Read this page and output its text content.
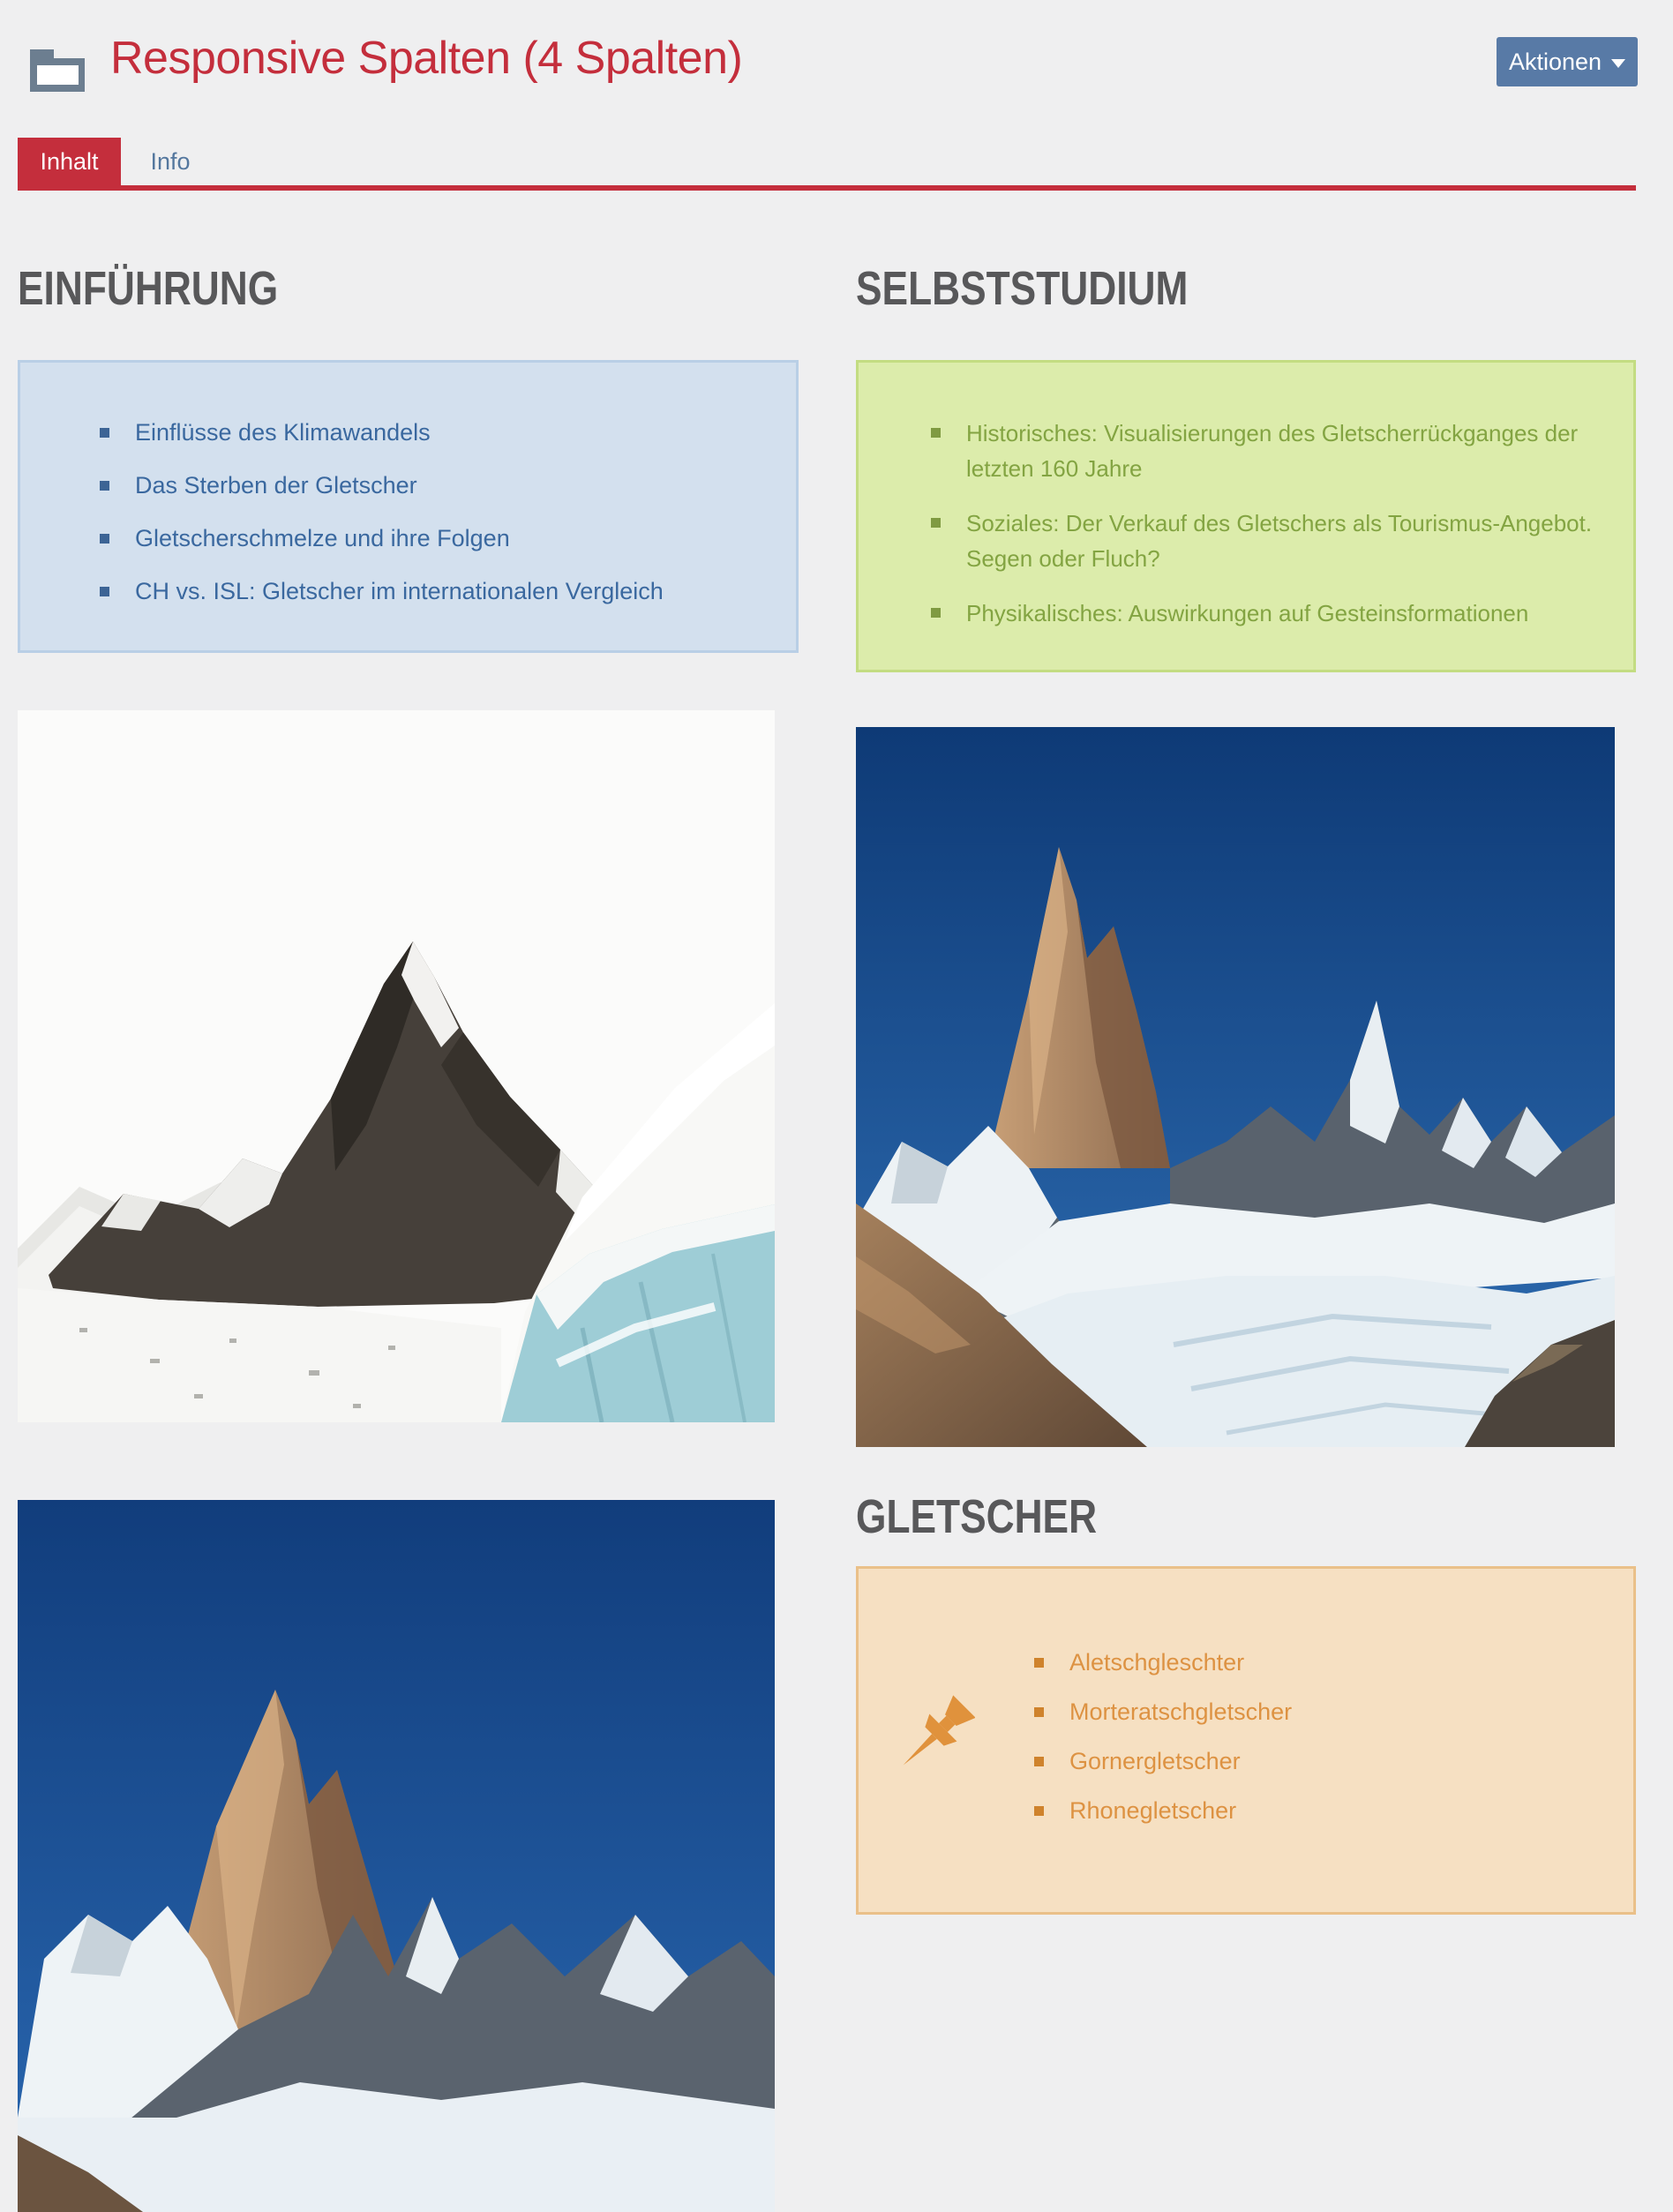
Responsive Spalten (4 Spalten)	Aktionen
Inhalt Info
EINFÜHRUNG
Einflüsse des Klimawandels
Das Sterben der Gletscher
Gletscherschmelze und ihre Folgen
CH vs. ISL: Gletscher im internationalen Vergleich
SELBSTSTUDIUM
Historisches: Visualisierungen des Gletscherrückganges der letzten 160 Jahre
Soziales: Der Verkauf des Gletschers als Tourismus-Angebot. Segen oder Fluch?
Physikalisches: Auswirkungen auf Gesteinsformationen
GLETSCHER
Aletschgleschter
Morteratschgletscher
Gornergletscher
Rhonegletscher
